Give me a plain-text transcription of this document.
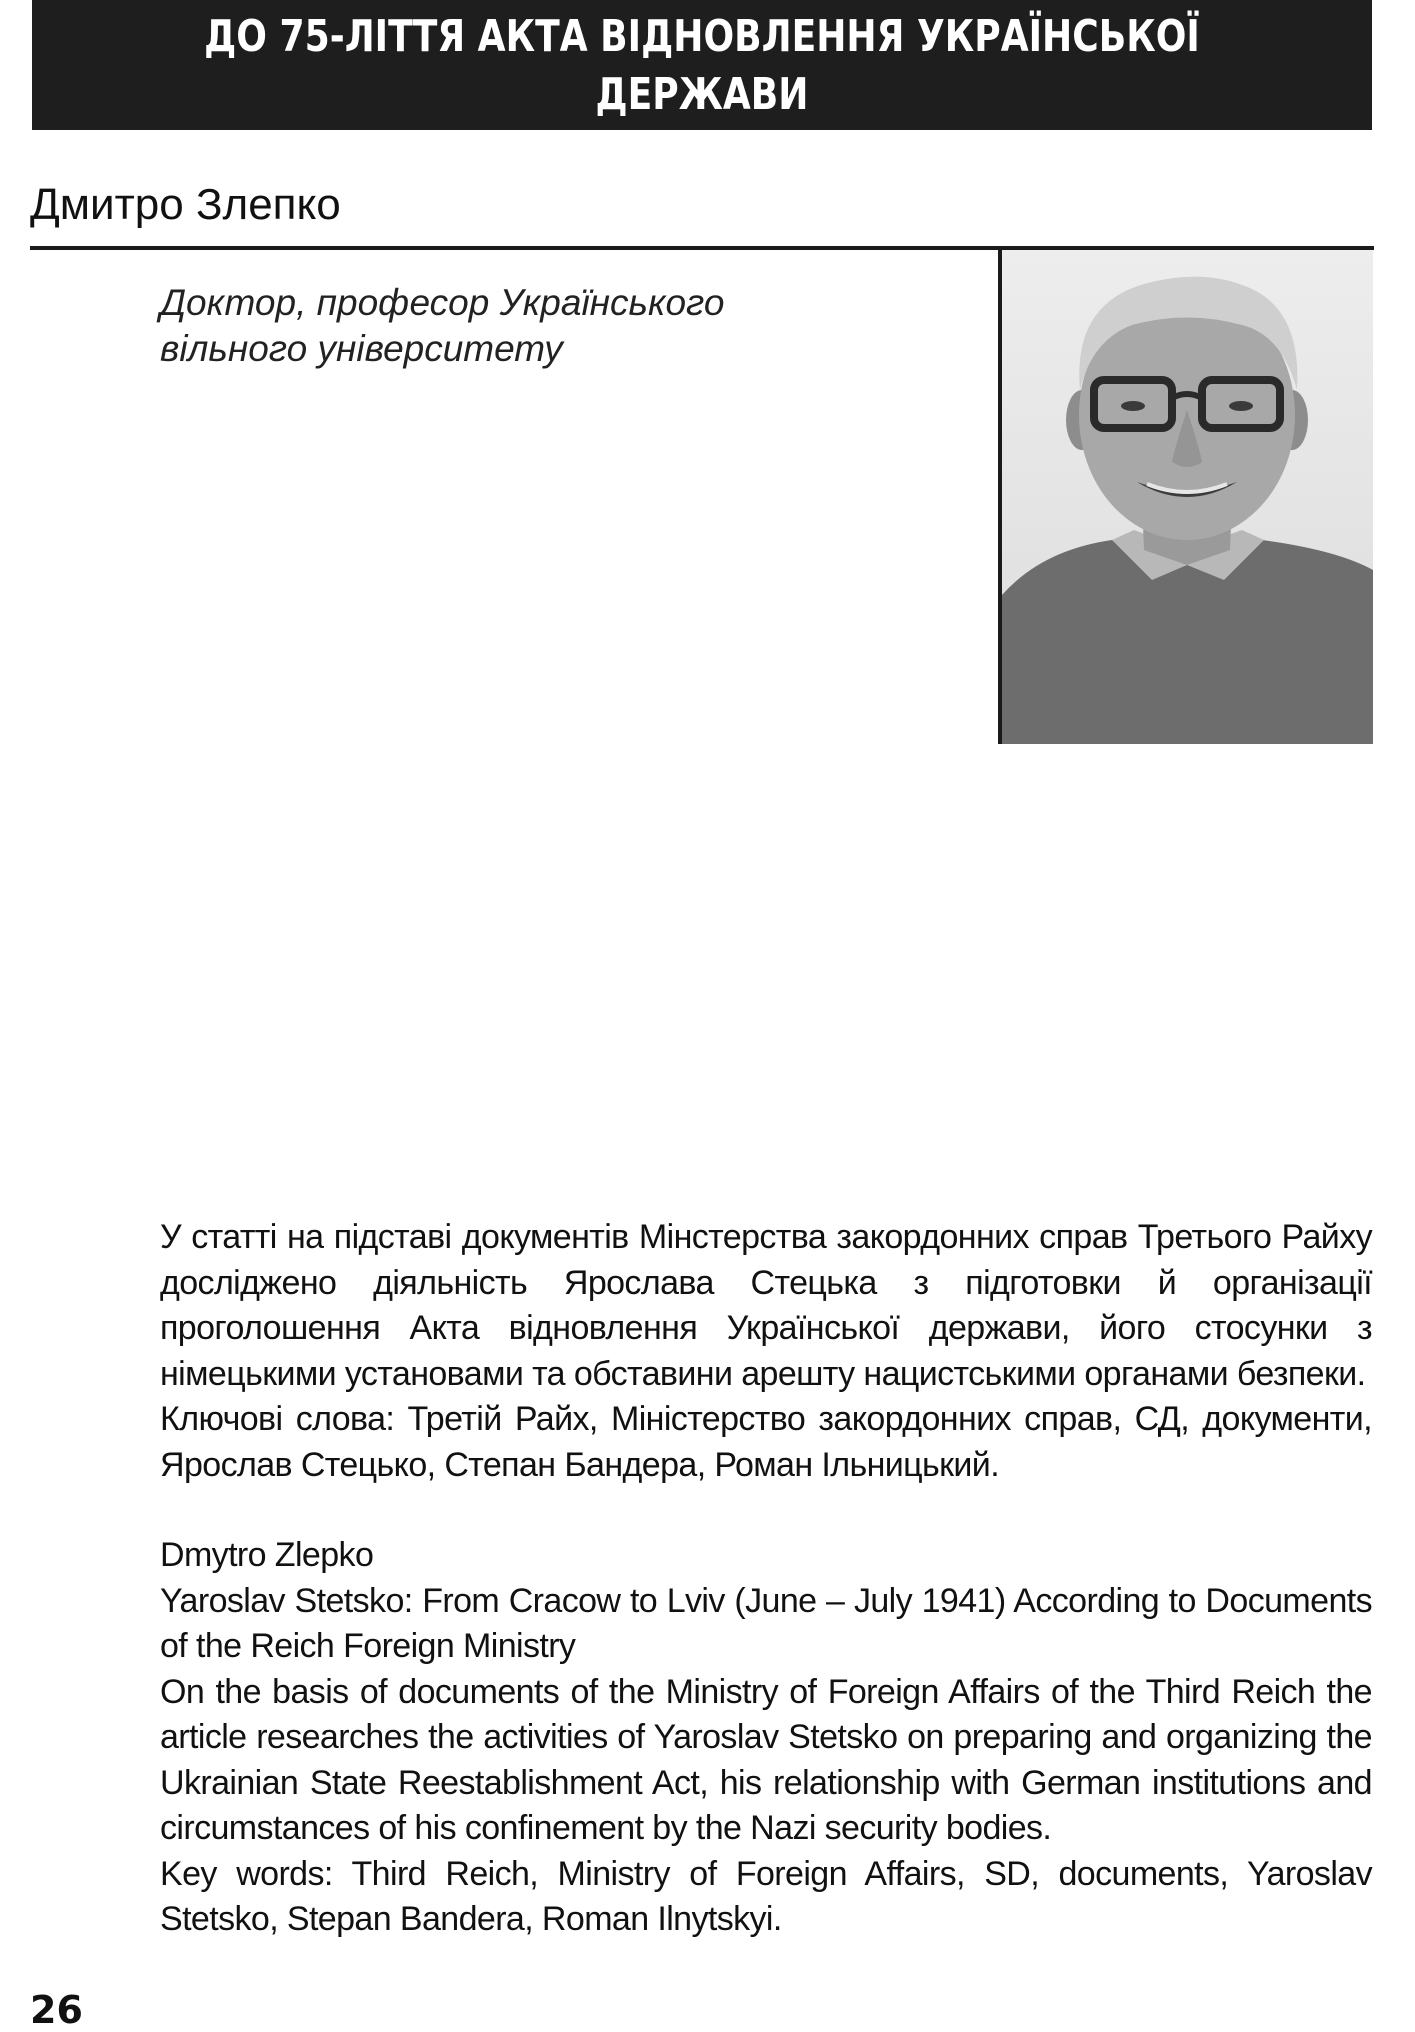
ДО 75-ЛІТТЯ АКТА ВІДНОВЛЕННЯ УКРАЇНСЬКОЇ ДЕРЖАВИ
30 ЧЕРВНЯ 1941 р.
Дмитро Злепко
Доктор, професор Українського
вільного університету

У статті на підставі документів Мінстерства закордонних справ Третього Райху досліджено діяльність Ярослава Стецька з підготовки й організації проголошення Акта відновлення Української держави, його стосунки з німецькими установами та обставини арешту нацистськими органами безпеки.

Ключові слова: Третій Райх, Міністерство закордонних справ, СД, документи, Ярослав Стецько, Степан Бандера, Роман Ільницький.

Dmytro Zlepko

Yaroslav Stetsko: From Cracow to Lviv (June – July 1941) According to Documents of the Reich Foreign Ministry

On the basis of documents of the Ministry of Foreign Affairs of the Third Reich the article researches the activities of Yaroslav Stetsko on preparing and organizing the Ukrainian State Reestablishment Act, his relationship with German institutions and circumstances of his confinement by the Nazi security bodies.

Key words: Third Reich, Ministry of Foreign Affairs, SD, documents, Yaroslav Stetsko, Stepan Bandera, Roman Ilnytskyi.

26
